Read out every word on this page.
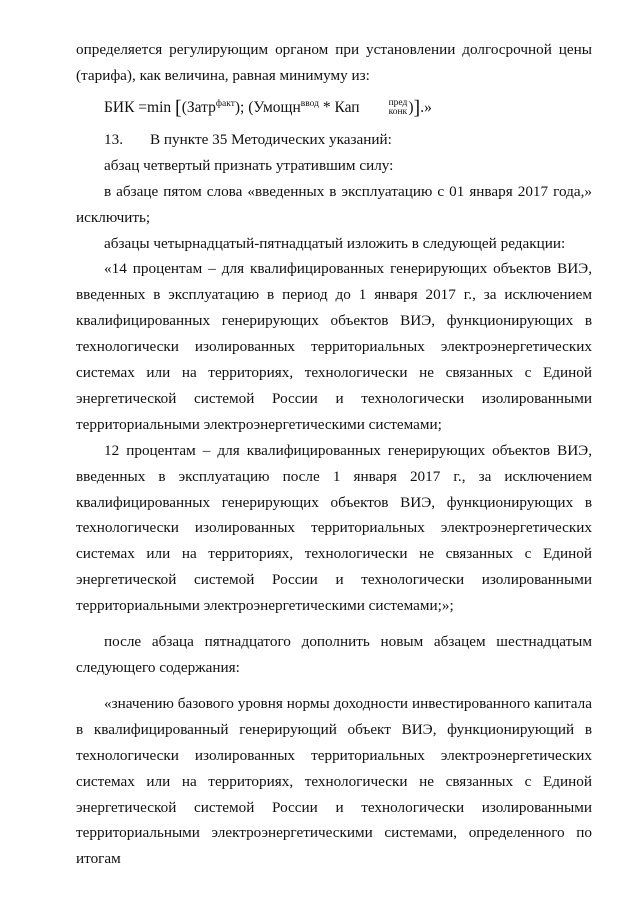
определяется регулирующим органом при установлении долгосрочной цены (тарифа), как величина, равная минимуму из:

БИК =min [(Затр$^{факт}$); (Умощн$^{ввод}$ * Кап	пред
конк )].»

13. В пункте 35 Методических указаний:

абзац четвертый признать утратившим силу:

в абзаце пятом слова «введенных в эксплуатацию с 01 января 2017 года,» исключить;

абзацы четырнадцатый-пятнадцатый изложить в следующей редакции:

«14 процентам – для квалифицированных генерирующих объектов ВИЭ, введенных в эксплуатацию в период до 1 января 2017 г., за исключением квалифицированных генерирующих объектов ВИЭ, функционирующих в технологически изолированных территориальных электроэнергетических системах или на территориях, технологически не связанных с Единой энергетической системой России и технологически изолированными территориальными электроэнергетическими системами;

12 процентам – для квалифицированных генерирующих объектов ВИЭ, введенных в эксплуатацию после 1 января 2017 г., за исключением квалифицированных генерирующих объектов ВИЭ, функционирующих в технологически изолированных территориальных электроэнергетических системах или на территориях, технологически не связанных с Единой энергетической системой России и технологически изолированными территориальными электроэнергетическими системами;»;

после абзаца пятнадцатого дополнить новым абзацем шестнадцатым следующего содержания:

«значению базового уровня нормы доходности инвестированного капитала в квалифицированный генерирующий объект ВИЭ, функционирующий в технологически изолированных территориальных электроэнергетических системах или на территориях, технологически не связанных с Единой энергетической системой России и технологически изолированными территориальными электроэнергетическими системами, определенного по итогам
